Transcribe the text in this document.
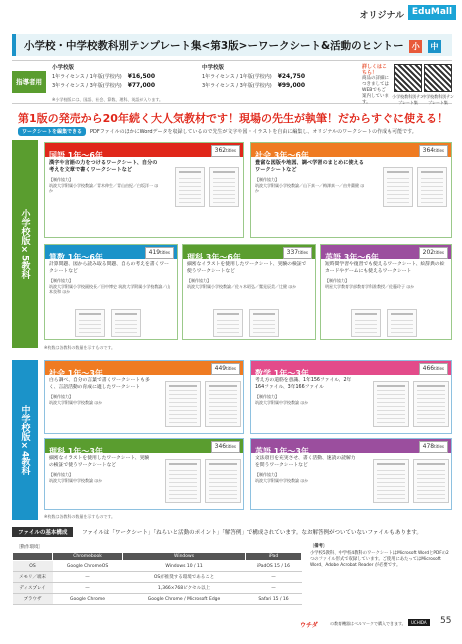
オリジナル EduMall
小学校・中学校教科別テンプレート集<第3版>ーワークシート&活動のヒントー 小 中
指導者用
小学校版
1年ライセンス / 1年版(学校内) ¥16,500
3年ライセンス / 3年版(学校内) ¥77,000
中学校版
1年ライセンス / 1年版(学校内) ¥24,750
3年ライセンス / 3年版(学校内) ¥99,000
※小学校版には、国語、社会、算数、理科、英語が入ります。
詳しくはこちら！
商品の詳細につきましてはWEBでもご案内しています。
小学校教科別テンプレート集
中学校教科別テンプレート集
第1版の発売から20年続く大人気教材です！現場の先生が執筆！だからすぐに使える！
ワークシートを編集できる PDFファイルのほかにWordデータを収録しているので先生が文字や図・イラストを自由に編集し、オリジナルのワークシートの作成も可能です。
小学校版×5教科
中学校版×4教科
国語 1年〜6年
362titles
漢字や言語の力をつけるワークシート、自分の考えを文章で書くワークシートなど
【制作協力】
筑波大学附属小学校教諭／青木伸生／青山由紀／白坂洋一 ほか
社会 3年〜6年
364titles
豊富な図版や地図、調べ学習のまとめに使えるワークシートなど
【制作協力】
筑波大学附属小学校教諭／山下真一／梅澤真一／由井薗健 ほか
算数 1年〜6年
419titles
計算問題、図から読み取る問題、自らの考えを書くワークシートなど
【制作協力】
筑波大学附属小学校副校長／田中博史 筑波大学附属小学校教諭／山本良和 ほか
理科 3年〜6年
337titles
細密なイラストを使用したワークシート、実験の検証で使うワークシートなど
【制作協力】
筑波大学附属小学校教諭／佐々木昭弘／鷲見辰美／辻健 ほか
英語 3年〜6年
202titles
短時間学習や復習でも使えるワークシート、絵辞典の絵カードやゲームにも使えるワークシート
【制作協力】
明星大学教育学部教育学科准教授／佐藤玲子 ほか
※枚数は各教科の数量を示すものです。
社会 1年〜3年
449titles
白ら調べ、自分の言葉で書くワークシートも多く、言語活動の育成に適したワークシート
【制作協力】
筑波大学附属中学校教諭 ほか
数学 1年〜3年
466titles
考え方の道筋を意識、1年156ファイル、2年164ファイル、3年166ファイル
【制作協力】
筑波大学附属中学校教諭 ほか
理科 1年〜3年
346titles
細密なイラストを使用したワークシート、実験の検証で使うワークシートなど
【制作協力】
筑波大学附属中学校教諭 ほか
英語 1年〜3年
478titles
文法項目を充実させ、書く活動、速読の読解力を問うワークシートなど
【制作協力】
筑波大学附属中学校教諭 ほか
※枚数は各教科の数量を示すものです。
ファイルの基本構成	ファイルは「ワークシート」「ねらいと活動のポイント」「解答例」で構成されています。なお解答例がついていないファイルもあります。
〔動作環境〕
	Chromebook	Windows	iPad
OS	Google ChromeOS	Windows 10 / 11	iPadOS 15 / 16
メモリ／端末	—	OSが推奨する環境であること	—
ディスプレイ	—	1,366×768ピクセル以上	—
ブラウザ	Google Chrome	Google Chrome / Microsoft Edge	Safari 15 / 16
〔備考〕
小学校5教科、中学校4教科のワークシートはMicrosoft WordとPDFの2つのファイル形式で収録しています。ご使用にあたってはMicrosoft Word、Adobe Acrobat Reader が必要です。
ウチダ	の教育機器はベルマークで購入できます。	UCHIDA	55
